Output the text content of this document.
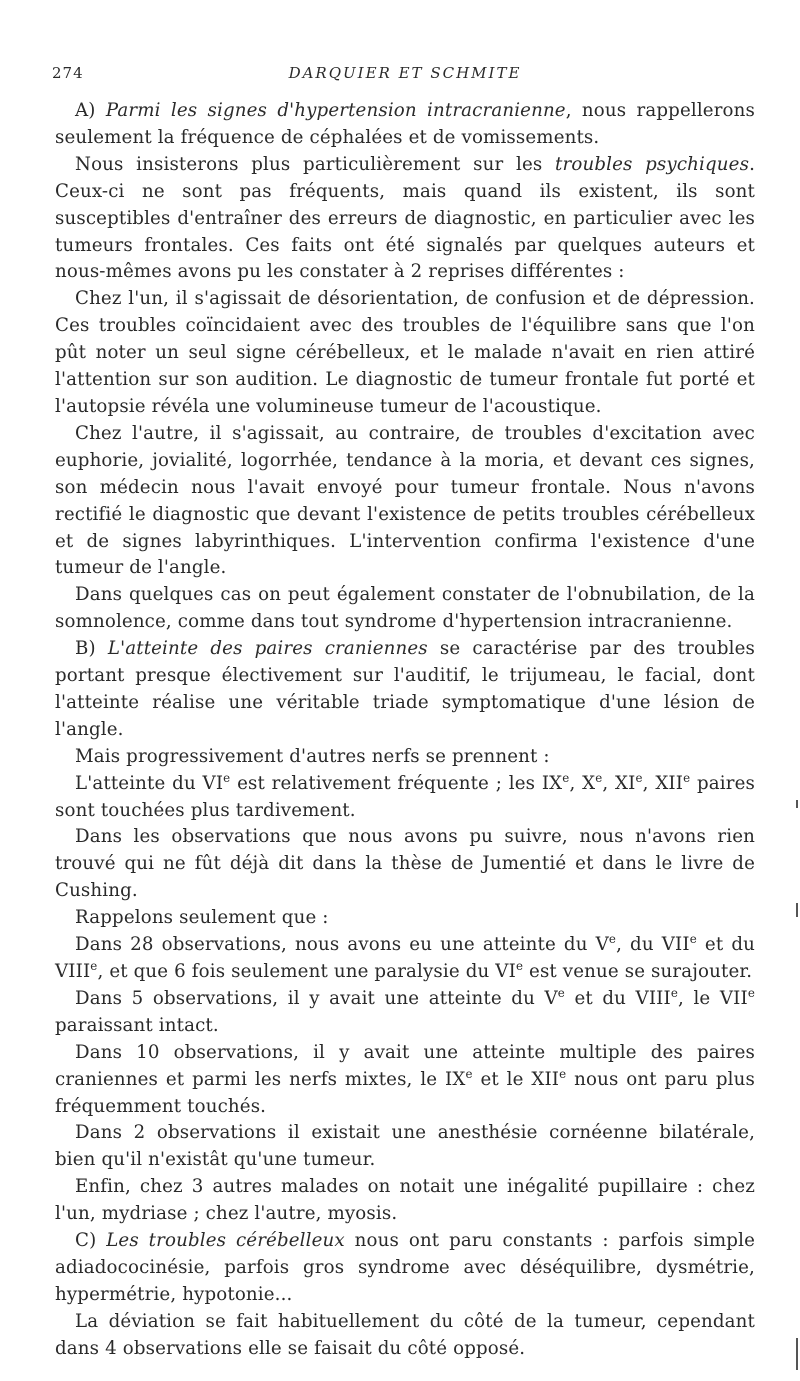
274	DARQUIER ET SCHMITE

A) Parmi les signes d'hypertension intracranienne, nous rappellerons seulement la fréquence de céphalées et de vomissements.

Nous insisterons plus particulièrement sur les troubles psychiques. Ceux-ci ne sont pas fréquents, mais quand ils existent, ils sont susceptibles d'entraîner des erreurs de diagnostic, en particulier avec les tumeurs frontales. Ces faits ont été signalés par quelques auteurs et nous-mêmes avons pu les constater à 2 reprises différentes :

Chez l'un, il s'agissait de désorientation, de confusion et de dépression. Ces troubles coïncidaient avec des troubles de l'équilibre sans que l'on pût noter un seul signe cérébelleux, et le malade n'avait en rien attiré l'attention sur son audition. Le diagnostic de tumeur frontale fut porté et l'autopsie révéla une volumineuse tumeur de l'acoustique.

Chez l'autre, il s'agissait, au contraire, de troubles d'excitation avec euphorie, jovialité, logorrhée, tendance à la moria, et devant ces signes, son médecin nous l'avait envoyé pour tumeur frontale. Nous n'avons rectifié le diagnostic que devant l'existence de petits troubles cérébelleux et de signes labyrinthiques. L'intervention confirma l'existence d'une tumeur de l'angle.

Dans quelques cas on peut également constater de l'obnubilation, de la somnolence, comme dans tout syndrome d'hypertension intracranienne.

B) L'atteinte des paires craniennes se caractérise par des troubles portant presque électivement sur l'auditif, le trijumeau, le facial, dont l'atteinte réalise une véritable triade symptomatique d'une lésion de l'angle.

Mais progressivement d'autres nerfs se prennent :

L'atteinte du VIe est relativement fréquente ; les IXe, Xe, XIe, XIIe paires sont touchées plus tardivement.

Dans les observations que nous avons pu suivre, nous n'avons rien trouvé qui ne fût déjà dit dans la thèse de Jumentié et dans le livre de Cushing.

Rappelons seulement que :

Dans 28 observations, nous avons eu une atteinte du Ve, du VIIe et du VIIIe, et que 6 fois seulement une paralysie du VIe est venue se surajouter.

Dans 5 observations, il y avait une atteinte du Ve et du VIIIe, le VIIe paraissant intact.

Dans 10 observations, il y avait une atteinte multiple des paires craniennes et parmi les nerfs mixtes, le IXe et le XIIe nous ont paru plus fréquemment touchés.

Dans 2 observations il existait une anesthésie cornéenne bilatérale, bien qu'il n'existât qu'une tumeur.

Enfin, chez 3 autres malades on notait une inégalité pupillaire : chez l'un, mydriase ; chez l'autre, myosis.

C) Les troubles cérébelleux nous ont paru constants : parfois simple adiadococinésie, parfois gros syndrome avec déséquilibre, dysmétrie, hypermétrie, hypotonie...

La déviation se fait habituellement du côté de la tumeur, cependant dans 4 observations elle se faisait du côté opposé.
